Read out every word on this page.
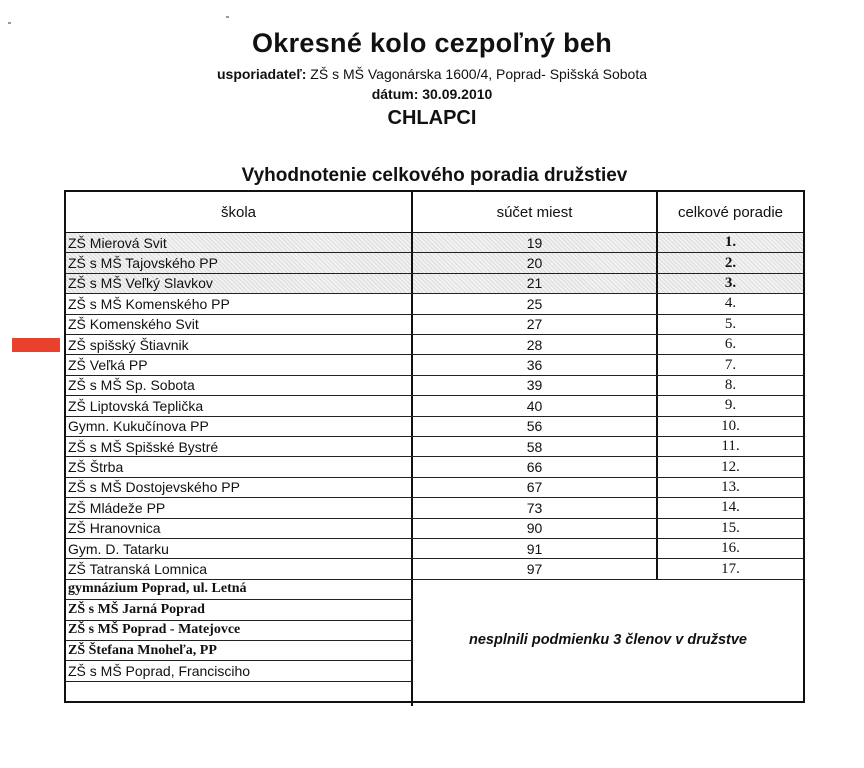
Okresné kolo cezpoľný beh
usporiadateľ: ZŠ s MŠ Vagonárska 1600/4, Poprad- Spišská Sobota
dátum: 30.09.2010
CHLAPCI
Vyhodnotenie celkového poradia družstiev
škola	súčet miest	celkové poradie
ZŠ Mierová Svit	19	1.
ZŠ s MŠ Tajovského PP	20	2.
ZŠ s MŠ Veľký Slavkov	21	3.
ZŠ s MŠ Komenského PP	25	4.
ZŠ Komenského Svit	27	5.
ZŠ spišský Štiavnik	28	6.
ZŠ Veľká PP	36	7.
ZŠ s MŠ Sp. Sobota	39	8.
ZŠ Liptovská Teplička	40	9.
Gymn. Kukučínova PP	56	10.
ZŠ s MŠ Spišské Bystré	58	11.
ZŠ Štrba	66	12.
ZŠ s MŠ Dostojevského PP	67	13.
ZŠ Mládeže PP	73	14.
ZŠ Hranovnica	90	15.
Gym. D. Tatarku	91	16.
ZŠ Tatranská Lomnica	97	17.
gymnázium Poprad, ul. Letná
ZŠ s MŠ Jarná Poprad
ZŠ s MŠ Poprad - Matejovce
ZŠ Štefana Mnoheľa, PP
ZŠ s MŠ Poprad, Francisciho
nesplnili podmienku 3 členov v družstve
